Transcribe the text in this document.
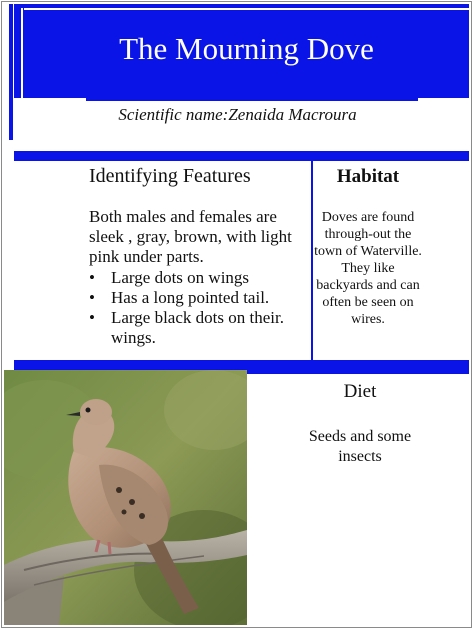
The Mourning Dove
Scientific name:Zenaida Macroura
Identifying Features
Both males and females are sleek , gray, brown, with light pink under parts.
• Large dots on wings
• Has a long pointed tail.
• Large black dots on their. wings.
Habitat
Doves are found through-out the town of Waterville. They like backyards and can often be seen on wires.
Diet
Seeds and some insects
